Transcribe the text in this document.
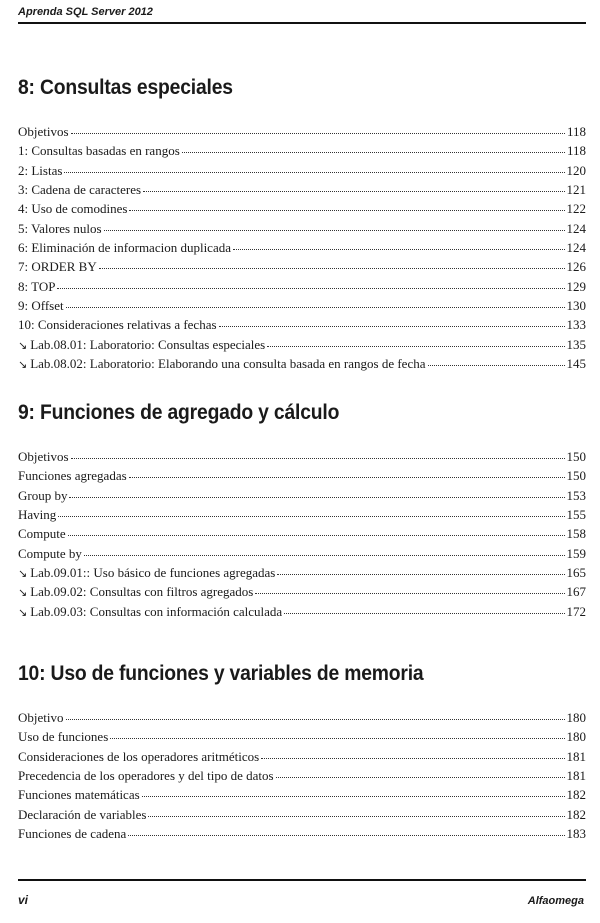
Aprenda SQL Server 2012
8: Consultas especiales
Objetivos	118
1: Consultas basadas en rangos	118
2: Listas	120
3: Cadena de caracteres	121
4: Uso de comodines	122
5: Valores nulos	124
6: Eliminación de informacion duplicada	124
7: ORDER BY	126
8: TOP	129
9: Offset	130
10: Consideraciones relativas a fechas	133
↘ Lab.08.01: Laboratorio: Consultas especiales	135
↘ Lab.08.02: Laboratorio: Elaborando una consulta basada en rangos de fecha	145
9: Funciones de agregado y cálculo
Objetivos	150
Funciones agregadas	150
Group by	153
Having	155
Compute	158
Compute by	159
↘ Lab.09.01:: Uso básico de funciones agregadas	165
↘ Lab.09.02: Consultas con filtros agregados	167
↘ Lab.09.03: Consultas con información calculada	172
10: Uso de funciones y variables de memoria
Objetivo	180
Uso de funciones	180
Consideraciones de los operadores aritméticos	181
Precedencia de los operadores y del tipo de datos	181
Funciones matemáticas	182
Declaración de variables	182
Funciones de cadena	183
vi	Alfaomega
